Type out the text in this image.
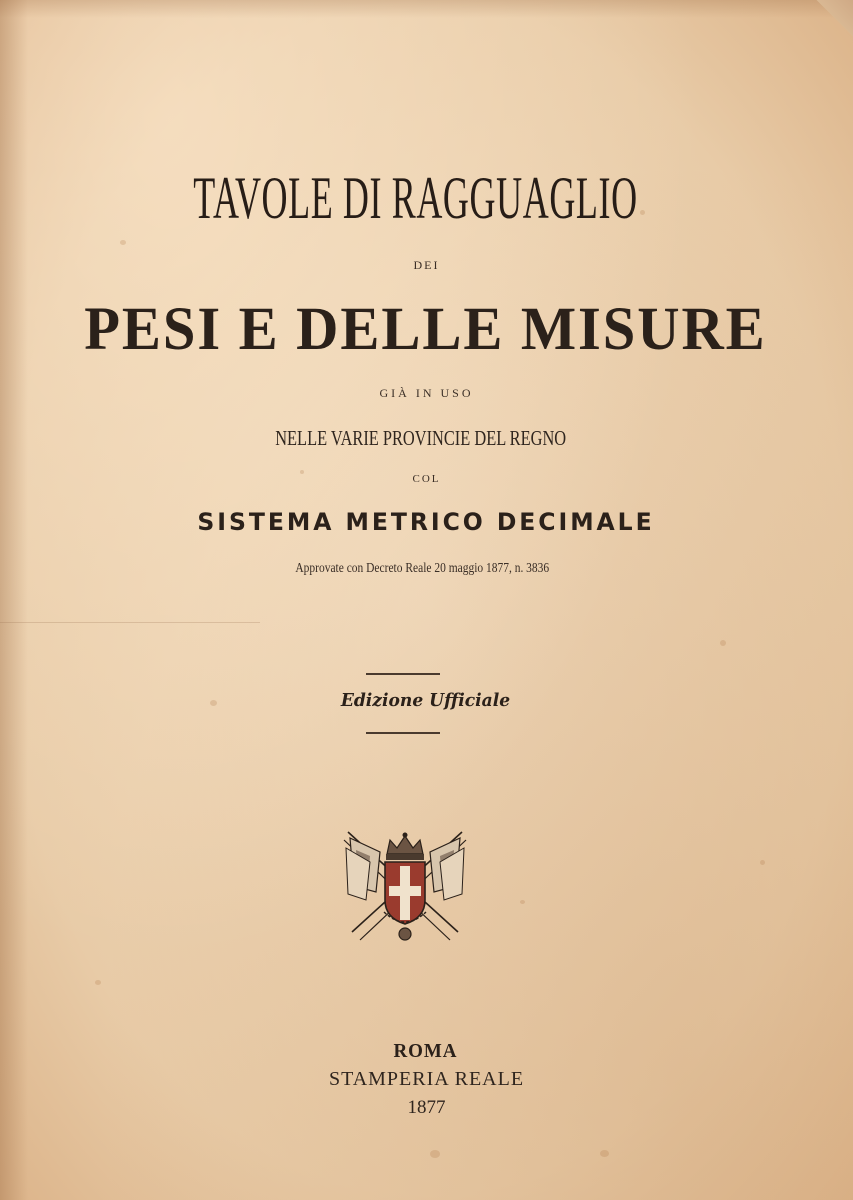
TAVOLE DI RAGGUAGLIO
DEI
PESI E DELLE MISURE
GIÀ IN USO
NELLE VARIE PROVINCIE DEL REGNO
COL
SISTEMA METRICO DECIMALE
Approvate con Decreto Reale 20 maggio 1877, n. 3836
Edizione Ufficiale
ROMA
STAMPERIA REALE
1877
